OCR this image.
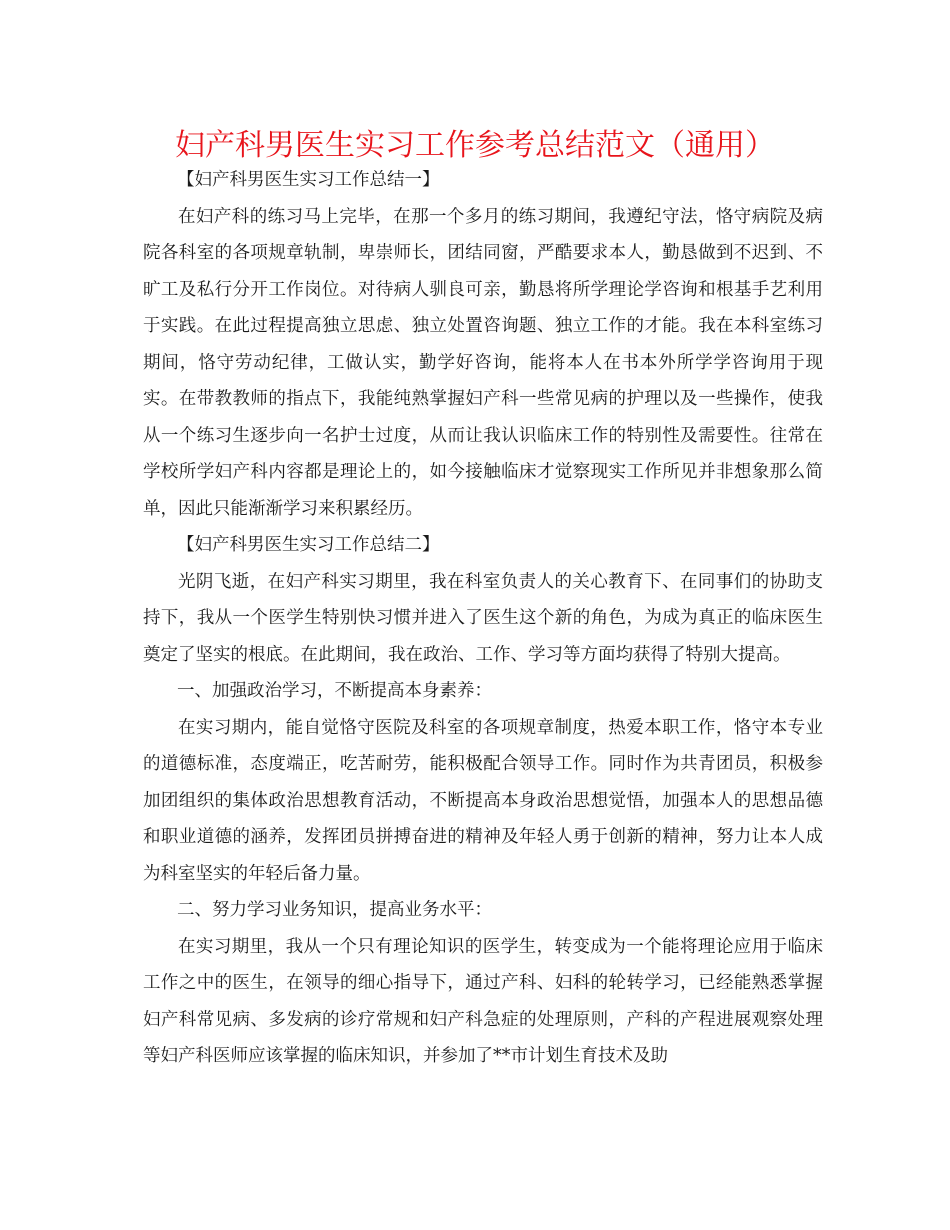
妇产科男医生实习工作参考总结范文（通用）

【妇产科男医生实习工作总结一】

在妇产科的练习马上完毕，在那一个多月的练习期间，我遵纪守法，恪守病院及病院各科室的各项规章轨制，卑崇师长，团结同窗，严酷要求本人，勤恳做到不迟到、不旷工及私行分开工作岗位。对待病人驯良可亲，勤恳将所学理论学咨询和根基手艺利用于实践。在此过程提高独立思虑、独立处置咨询题、独立工作的才能。我在本科室练习期间，恪守劳动纪律，工做认实，勤学好咨询，能将本人在书本外所学学咨询用于现实。在带教教师的指点下，我能纯熟掌握妇产科一些常见病的护理以及一些操作，使我从一个练习生逐步向一名护士过度，从而让我认识临床工作的特别性及需要性。往常在学校所学妇产科内容都是理论上的，如今接触临床才觉察现实工作所见并非想象那么简单，因此只能渐渐学习来积累经历。

【妇产科男医生实习工作总结二】

光阴飞逝，在妇产科实习期里，我在科室负责人的关心教育下、在同事们的协助支持下，我从一个医学生特别快习惯并进入了医生这个新的角色，为成为真正的临床医生奠定了坚实的根底。在此期间，我在政治、工作、学习等方面均获得了特别大提高。

一、加强政治学习，不断提高本身素养：

在实习期内，能自觉恪守医院及科室的各项规章制度，热爱本职工作，恪守本专业的道德标准，态度端正，吃苦耐劳，能积极配合领导工作。同时作为共青团员，积极参加团组织的集体政治思想教育活动，不断提高本身政治思想觉悟，加强本人的思想品德和职业道德的涵养，发挥团员拼搏奋进的精神及年轻人勇于创新的精神，努力让本人成为科室坚实的年轻后备力量。

二、努力学习业务知识，提高业务水平：

在实习期里，我从一个只有理论知识的医学生，转变成为一个能将理论应用于临床工作之中的医生，在领导的细心指导下，通过产科、妇科的轮转学习，已经能熟悉掌握妇产科常见病、多发病的诊疗常规和妇产科急症的处理原则，产科的产程进展观察处理等妇产科医师应该掌握的临床知识，并参加了**市计划生育技术及助
